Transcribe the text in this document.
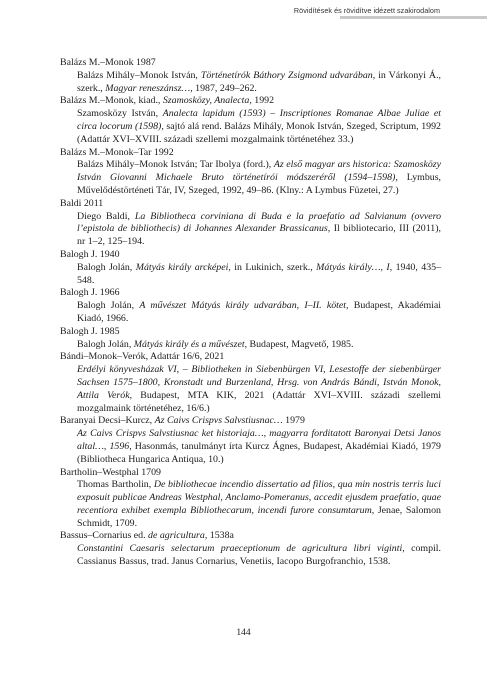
Rövidítések és rövidítve idézett szakirodalom
Balázs M.–Monok 1987
Balázs Mihály–Monok István, Történetírók Báthory Zsigmond udvarában, in Várkonyi Á., szerk., Magyar reneszánsz…, 1987, 249–262.
Balázs M.–Monok, kiad., Szamosközy, Analecta, 1992
Szamosközy István, Analecta lapidum (1593) – Inscriptiones Romanae Albae Juliae et circa locorum (1598), sajtó alá rend. Balázs Mihály, Monok István, Szeged, Scriptum, 1992 (Adattár XVI–XVIII. századi szellemi mozgalmaink történetéhez 33.)
Balázs M.–Monok–Tar 1992
Balázs Mihály–Monok István; Tar Ibolya (ford.), Az első magyar ars historica: Szamosközy István Giovanni Michaele Bruto történetírói módszeréről (1594–1598), Lymbus, Művelődéstörténeti Tár, IV, Szeged, 1992, 49–86. (Klny.: A Lymbus Füzetei, 27.)
Baldi 2011
Diego Baldi, La Bibliotheca corviniana di Buda e la praefatio ad Salvianum (ovvero l’epistola de bibliothecis) di Johannes Alexander Brassicanus, Il bibliotecario, III (2011), nr 1–2, 125–194.
Balogh J. 1940
Balogh Jolán, Mátyás király arcképei, in Lukinich, szerk., Mátyás király…, I, 1940, 435–548.
Balogh J. 1966
Balogh Jolán, A művészet Mátyás király udvarában, I–II. kötet, Budapest, Akadémiai Kiadó, 1966.
Balogh J. 1985
Balogh Jolán, Mátyás király és a művészet, Budapest, Magvető, 1985.
Bándi–Monok–Verók, Adattár 16/6, 2021
Erdélyi könyvesházak VI, – Bibliotheken in Siebenbürgen VI, Lesestoffe der siebenbürger Sachsen 1575–1800, Kronstadt und Burzenland, Hrsg. von András Bándi, István Monok, Attila Verók, Budapest, MTA KIK, 2021 (Adattár XVI–XVIII. századi szellemi mozgalmaink történetéhez, 16/6.)
Baranyai Decsi–Kurcz, Az Caivs Crispvs Salvstiusnac… 1979
Az Caivs Crispvs Salvstiusnac ket historiaja…, magyarra forditatott Baronyai Detsi Janos altal…, 1596, Hasonmás, tanulmányt írta Kurcz Ágnes, Budapest, Akadémiai Kiadó, 1979 (Bibliotheca Hungarica Antiqua, 10.)
Bartholin–Westphal 1709
Thomas Bartholin, De bibliothecae incendio dissertatio ad filios, qua min nostris terris luci exposuit publicae Andreas Westphal, Anclamo-Pomeranus, accedit ejusdem praefatio, quae recentiora exhibet exempla Bibliothecarum, incendi furore consumtarum, Jenae, Salomon Schmidt, 1709.
Bassus–Cornarius ed. de agricultura, 1538a
Constantini Caesaris selectarum praeceptionum de agricultura libri viginti, compil. Cassianus Bassus, trad. Janus Cornarius, Venetiis, Iacopo Burgofranchio, 1538.
144
